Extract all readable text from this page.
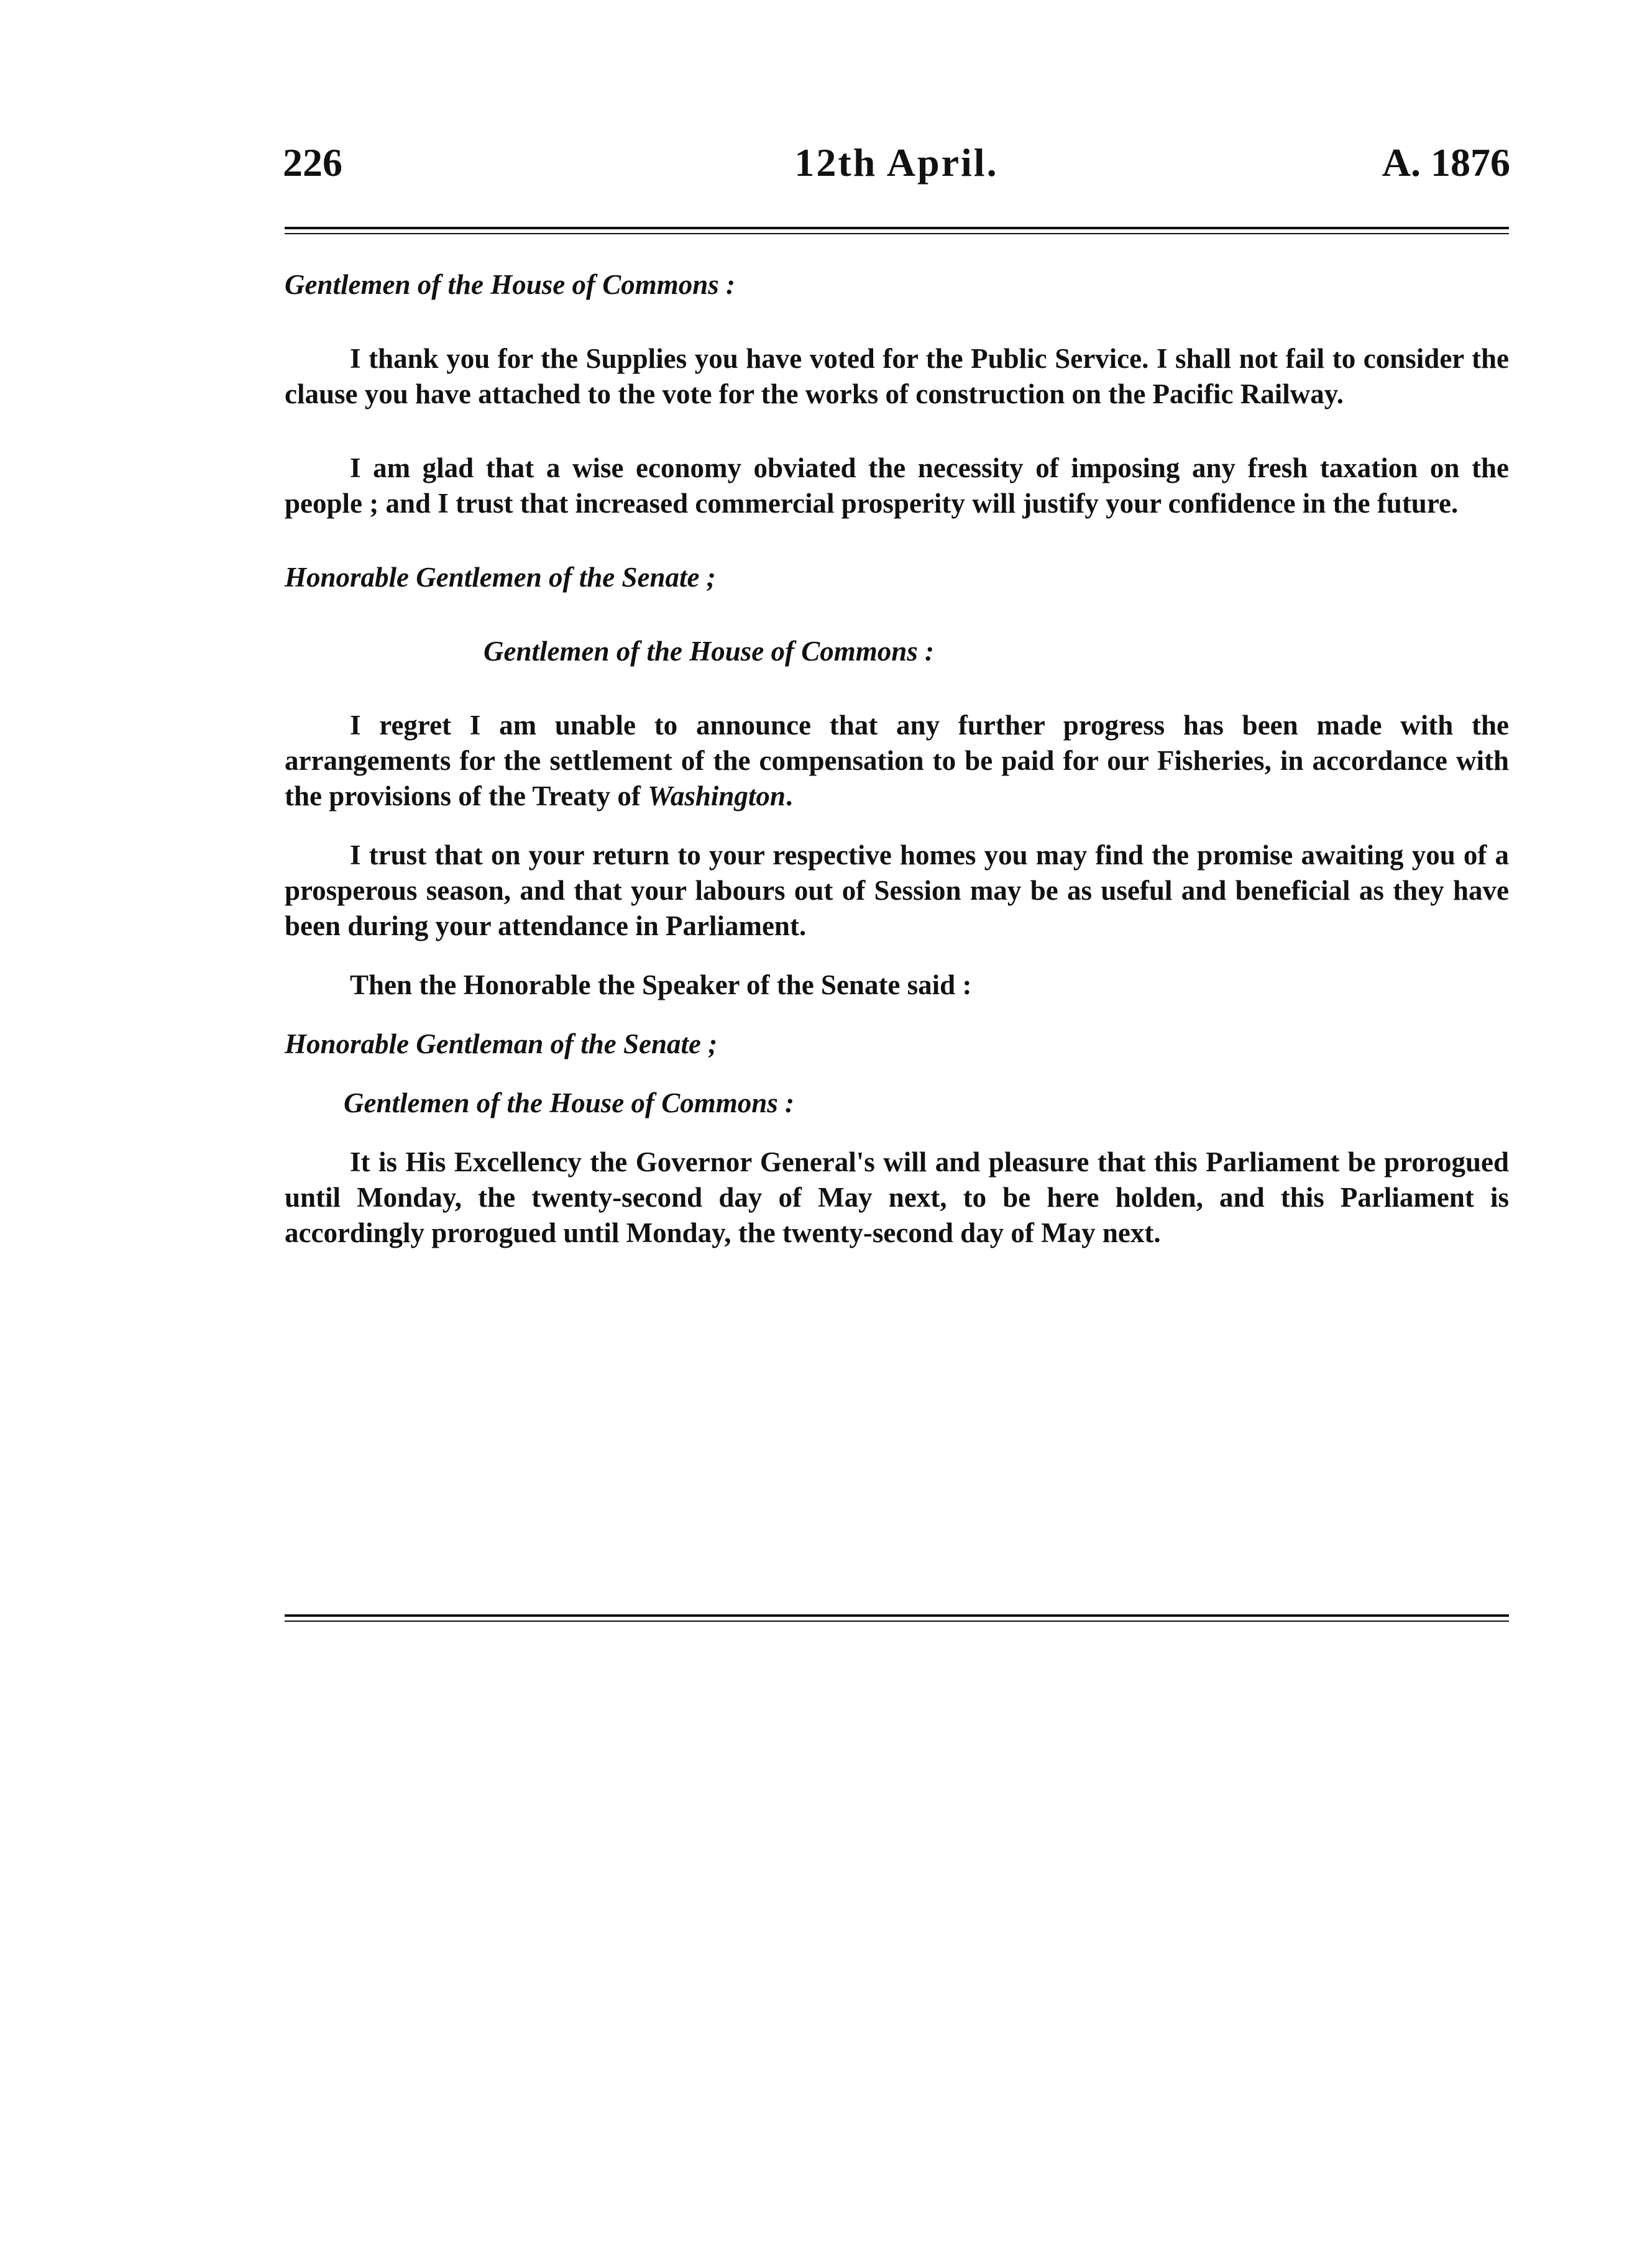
226	12th April.	A. 1876

Gentlemen of the House of Commons :

I thank you for the Supplies you have voted for the Public Service. I shall not fail to consider the clause you have attached to the vote for the works of construction on the Pacific Railway.

I am glad that a wise economy obviated the necessity of imposing any fresh taxation on the people ; and I trust that increased commercial prosperity will justify your confidence in the future.

Honorable Gentlemen of the Senate ;

Gentlemen of the House of Commons :

I regret I am unable to announce that any further progress has been made with the arrangements for the settlement of the compensation to be paid for our Fisheries, in accordance with the provisions of the Treaty of Washington.

I trust that on your return to your respective homes you may find the promise awaiting you of a prosperous season, and that your labours out of Session may be as useful and beneficial as they have been during your attendance in Parliament.

Then the Honorable the Speaker of the Senate said :

Honorable Gentleman of the Senate ;

Gentlemen of the House of Commons :

It is His Excellency the Governor General's will and pleasure that this Parliament be prorogued until Monday, the twenty-second day of May next, to be here holden, and this Parliament is accordingly prorogued until Monday, the twenty-second day of May next.
